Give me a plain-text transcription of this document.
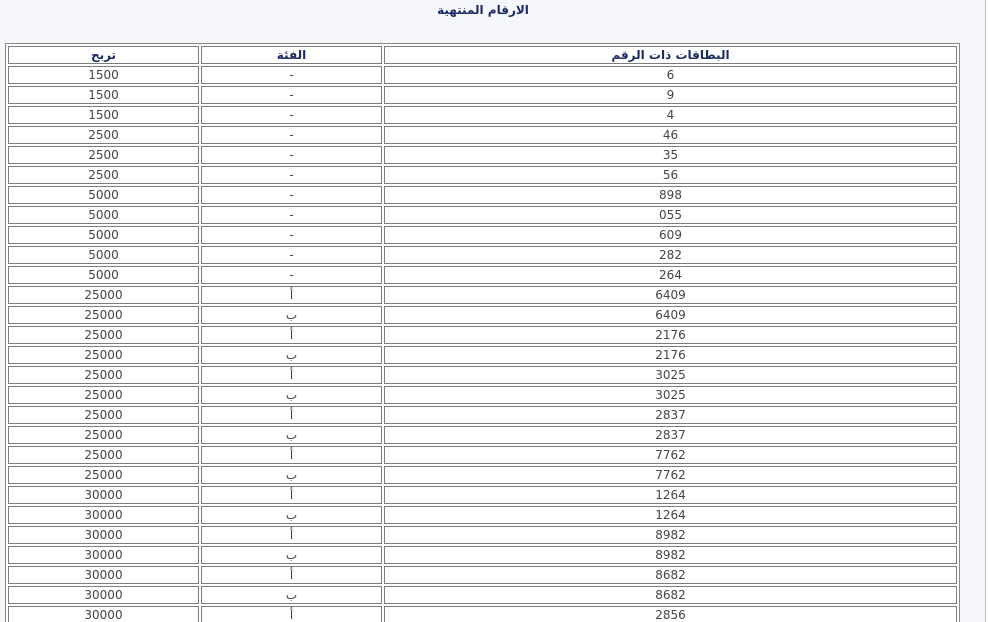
الارقام المنتهية
البطاقات ذات الرقم	الفئة	تربح
6	-	1500
9	-	1500
4	-	1500
46	-	2500
35	-	2500
56	-	2500
898	-	5000
055	-	5000
609	-	5000
282	-	5000
264	-	5000
6409	أ	25000
6409	ب	25000
2176	أ	25000
2176	ب	25000
3025	أ	25000
3025	ب	25000
2837	أ	25000
2837	ب	25000
7762	أ	25000
7762	ب	25000
1264	أ	30000
1264	ب	30000
8982	أ	30000
8982	ب	30000
8682	أ	30000
8682	ب	30000
2856	أ	30000
